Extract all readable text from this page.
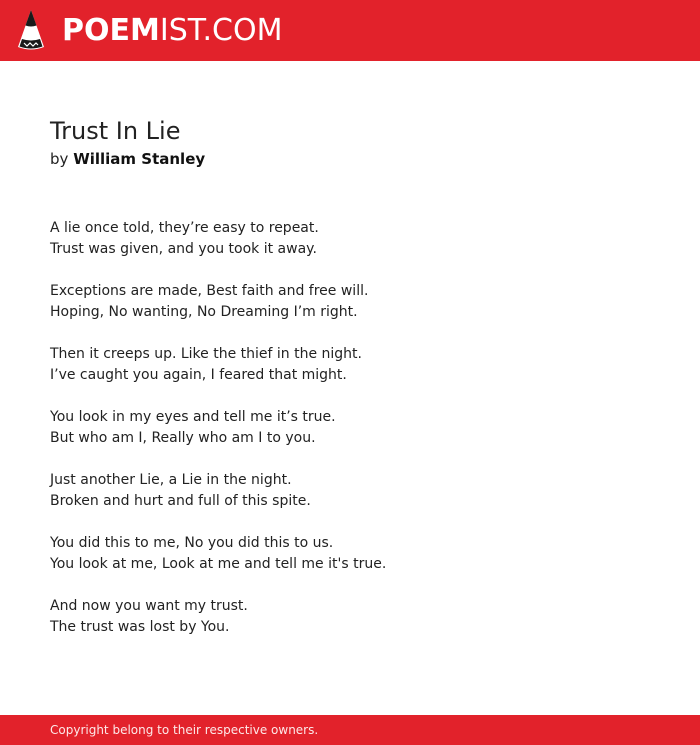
POEMIST.COM
Trust In Lie
by William Stanley

A lie once told, they’re easy to repeat.
Trust was given, and you took it away.

Exceptions are made, Best faith and free will.
Hoping, No wanting, No Dreaming I’m right.

Then it creeps up. Like the thief in the night.
I’ve caught you again, I feared that might.

You look in my eyes and tell me it’s true.
But who am I, Really who am I to you.

Just another Lie, a Lie in the night.
Broken and hurt and full of this spite.

You did this to me, No you did this to us.
You look at me, Look at me and tell me it's true.

And now you want my trust.
The trust was lost by You.

Copyright belong to their respective owners.
